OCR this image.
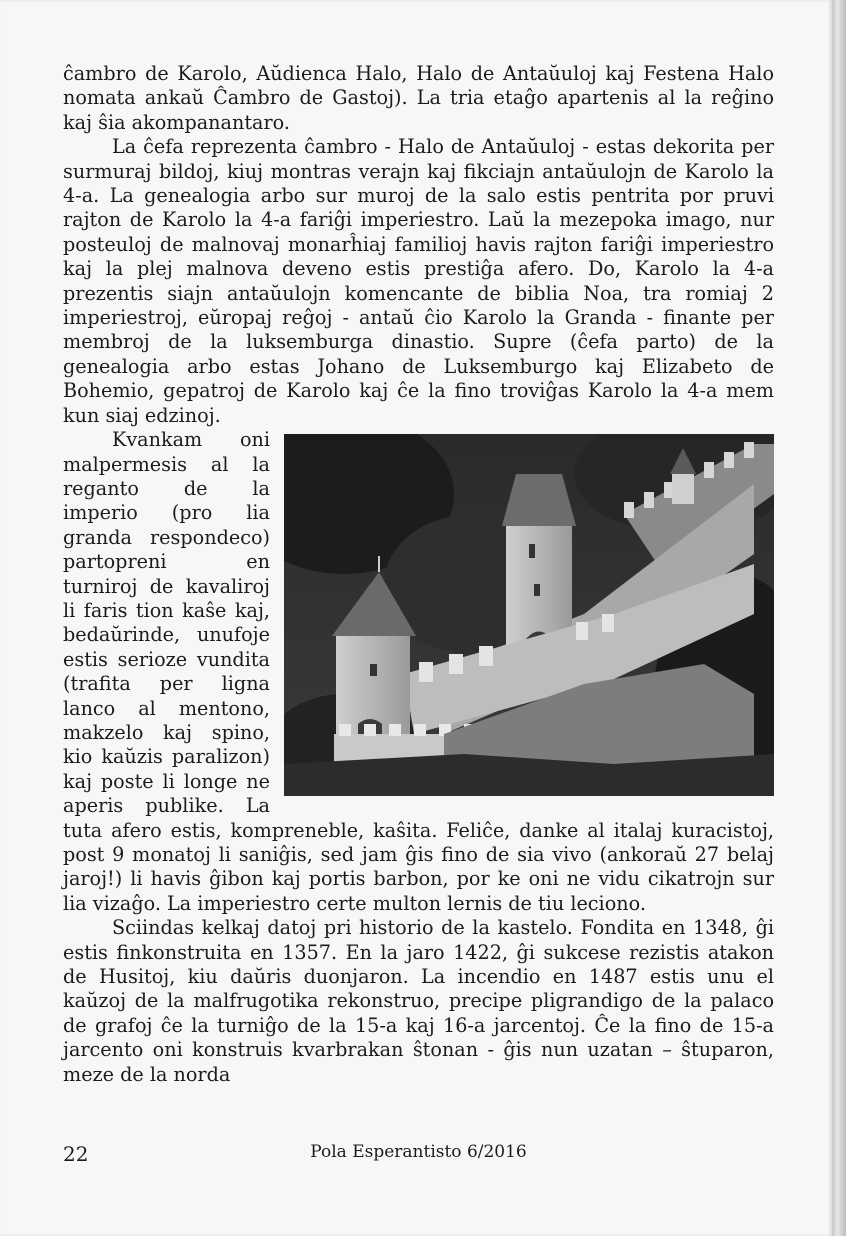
ĉambro de Karolo, Aŭdienca Halo, Halo de Antaŭuloj kaj Festena Halo nomata ankaŭ Ĉambro de Gastoj). La tria etaĝo apartenis al la reĝino kaj ŝia akompanantaro.

La ĉefa reprezenta ĉambro - Halo de Antaŭuloj - estas dekorita per surmuraj bildoj, kiuj montras verajn kaj fikciajn antaŭulojn de Karolo la 4-a. La genealogia arbo sur muroj de la salo estis pentrita por pruvi rajton de Karolo la 4-a fariĝi imperiestro. Laŭ la mezepoka imago, nur posteuloj de malnovaj monarĥiaj familioj havis rajton fariĝi imperiestro kaj la plej malnova deveno estis prestiĝa afero. Do, Karolo la 4-a prezentis siajn antaŭulojn komencante de biblia Noa, tra romiaj 2 imperiestroj, eŭropaj reĝoj - antaŭ ĉio Karolo la Granda - finante per membroj de la luksemburga dinastio. Supre (ĉefa parto) de la genealogia arbo estas Johano de Luksemburgo kaj Elizabeto de Bohemio, gepatroj de Karolo kaj ĉe la fino troviĝas Karolo la 4-a mem kun siaj edzinoj.

Kvankam oni malpermesis al la reganto de la imperio (pro lia granda respondeco) partopreni en turniroj de kavaliroj li faris tion kaŝe kaj, bedaŭrinde, unufoje estis serioze vundita (trafita per ligna lanco al mentono, makzelo kaj spino, kio kaŭzis paralizon) kaj poste li longe ne aperis publike. La tuta afero estis, kompreneble, kaŝita. Feliĉe, danke al italaj kuracistoj, post 9 monatoj li saniĝis, sed jam ĝis fino de sia vivo (ankoraŭ 27 belaj jaroj!) li havis ĝibon kaj portis barbon, por ke oni ne vidu cikatrojn sur lia vizaĝo. La imperiestro certe multon lernis de tiu leciono.

Sciindas kelkaj datoj pri historio de la kastelo. Fondita en 1348, ĝi estis finkonstruita en 1357. En la jaro 1422, ĝi sukcese rezistis atakon de Husitoj, kiu daŭris duonjaron. La incendio en 1487 estis unu el kaŭzoj de la malfrugotika rekonstruo, precipe pligrandigo de la palaco de grafoj ĉe la turniĝo de la 15-a kaj 16-a jarcentoj. Ĉe la fino de 15-a jarcento oni konstruis kvarbrakan ŝtonan - ĝis nun uzatan – ŝtuparon, meze de la norda

22	Pola Esperantisto 6/2016
